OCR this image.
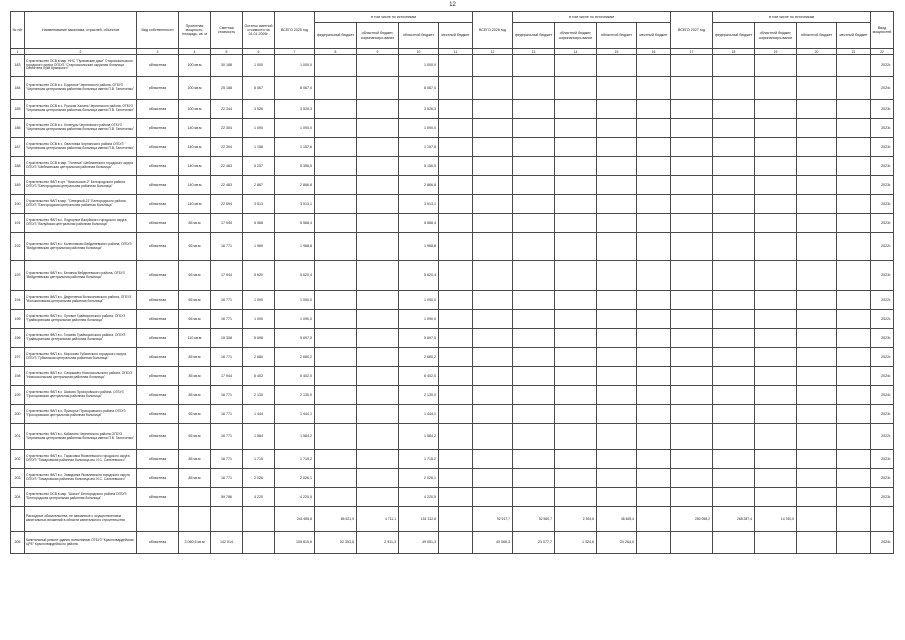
12
№ п/п	Наименование заказчика, отраслей, объектов	Вид собственности	Проектная мощность, площадь, кв. м	Сметная стоимость	Остаток сметной стоимости на 01.01.2026г.	ВСЕГО 2025 год	в том числе по источникам				ВСЕГО 2026 год	в том числе по источникам				ВСЕГО 2027 год	в том числе по источникам				Ввод мощностей
							федеральный бюджет	областной бюджет, софинансиро-вание	областной бюджет	местный бюджет		федеральный бюджет	областной бюджет, софинансиро-вание	областной бюджет	местный бюджет		федеральный бюджет	областной бюджет, софинансиро-вание	областной бюджет	местный бюджет	
1	2	3	4	5	6	7	8	9	10	11	12	13	14	15	16	17	18	19	20	21	22
183	Строительство ОСВ в мкр. ННС "Пулковские дачи" Старооскольского городского округа ОГБУЗ "Старооскольская окружная больница Святителя Луки Крымского"	областная	100 кв.м	30 188	1 000	1 000,0			1 000,0												2022г.
184	Строительство ОСВ в с. Ездочное Чернянского района, ОГБУЗ "Чернянская центральная районная больница имени П.В. Гапотченко"	областная	100 кв.м	25 188	8 067	8 067,0			8 067,0												2024г.
185	Строительство ОСВ в с. Русская Халань Чернянского района, ОГБУЗ "Чернянская центральная районная больница имени П.В. Гапотченко"	областная	100 кв.м	22 344	3 526	3 526,3			3 526,3												2023г.
186	Строительство ОСВ в с. Кочегуры Чернянского района ОГБУЗ "Чернянская центральная районная больница имени П.В. Гапотченко"	областная	140 кв.м	22 304	1 090	1 090,0			1 090,0												2023г.
187	Строительство ОСВ в с. Свистовка Чернянского района ОГБУЗ "Чернянская центральная районная больница имени П.В. Гапотченко"	областная	140 кв.м	22 304	1 158	1 157,6			1 157,6												2023г.
188	Строительство ОСВ в мкр. "Успенка" Шебекинского городского округа ОГБУЗ "Шебекинская центральная районная больница"	областная	140 кв.м	22 483	5 257	5 356,5			5 156,5												2023г.
189	Строительство ФАП в хут. "Никольское-2" Белгородского района ОГБУЗ "Белгородская центральная районная больница"	областная	140 кв.м	22 483	2 867	2 866,8			2 866,8												2023г.
190	Строительство ФАП в мкр. "Северный-21" Белгородского района, ОГБУЗ "Белгородская центральная районная больница"	областная	140 кв.м	22 694	3 513	3 513,1			3 513,1												2023г.
191	Строительство ФАП в с. Подгорное Валуйского городского округа, ОГБУЗ "Валуйская центральная районная больница"	областная	85 кв.м	17 944	5 568	5 568,4			5 568,4												2023г.
192	Строительство ФАП в с. Колесниково Вейделевского района, ОГБУЗ "Вейделевская центральная районная больница"	областная	65 кв.м	16 771	1 969	1 968,8			1 968,8												2022г.
193	Строительство ФАП в с. Белянка Вейделевского района, ОГБУЗ "Вейделевская центральная районная больница"	областная	65 кв.м	17 944	5 620	5 620,4			5 620,4												2023г.
194	Строительство ФАП в с. Двуреченка Волоконовского района, ОГБУЗ "Волоконовская центральная районная больница"	областная	65 кв.м	16 771	1 090	1 090,0			1 090,0												2022г.
195	Строительство ФАП в с. Луговое Грайворонского района, ОГБУЗ "Грайворонская центральная районная больница"	областная	65 кв.м	16 771	1 090	1 090,0			1 090,0												2022г.
196	Строительство ФАП в с. Гочаево Грайворонского района, ОГБУЗ "Грайворонская центральная районная больница"	областная	110 кв.м	19 308	5 698	5 697,5			5 697,5												2023г.
197	Строительство ФАП в с. Морозово Губкинского городского округа, ОГБУЗ "Губкинская центральная районная больница"	областная	85 кв.м	16 771	2 680	2 680,2			2 680,2												2022г.
198	Строительство ФАП в с. Сапрыкино Новооскольского района, ОГБУЗ "Новооскольская центральная районная больница"	областная	85 кв.м	17 944	6 402	6 402,0			6 402,0												2024г.
199	Строительство ФАП в с. Шахово Прохоровского района, ОГБУЗ "Прохоровская центральная районная больница"	областная	85 кв.м	16 771	2 130	2 130,0			2 130,0												2024г.
200	Строительство ФАП в с. Призорье Прохоровского района ОГБУЗ "Прохоровская центральная районная больница"	областная	65 кв.м	16 771	1 444	1 444,1			1 444,1												2023г.
201	Строительство ФАП в с. Кабалино Чернянского района ОГБУЗ "Чернянская центральная районная больница имени П.В. Гапотченко"	областная	65 кв.м	16 771	1 584	1 584,2			1 584,2												2022г.
202	Строительство ФАП в с. Тарасовка Яковлевского городского округа, ОГБУЗ "Томаровская районная больница им. И.С. Сальтевского"	областная	85 кв.м	16 771	1 715	1 715,2			1 715,2												2023г.
203	Строительство ФАП в с. Завидовка Яковлевского городского округа ОГБУЗ "Томаровская районная больница им. И.С. Сальтевского"	областная	85 кв.м	16 771	2 026	2 026,1			2 026,1												2023г.
204	Строительство ОСВ в мкр. "Шагал" Белгородского района ОГБУЗ "Белгородская центральная районная больница"	областная		59 786	4 220	4 220,5			4 220,5												2023г.
	Расходные обязательства, не связанные с осуществлением капитальных вложений в области капитального строительства					241 655,8	85 621,9	4 711,1	151 312,8		92 917,7	52 560,7	2 394,6	38 465,4		280 958,2	268 287,4	14 760,0			
205	Капитальный ремонт здания поликлиники ОГБУЗ "Красногвардейская ЦРБ" Красногвардейского района	областная	3 060,5 кв.м	142 014		105 815,6	52 353,5	2 911,3	49 051,3		40 066,3	23 077,7	1 324,6	20 264,0							2024г.
